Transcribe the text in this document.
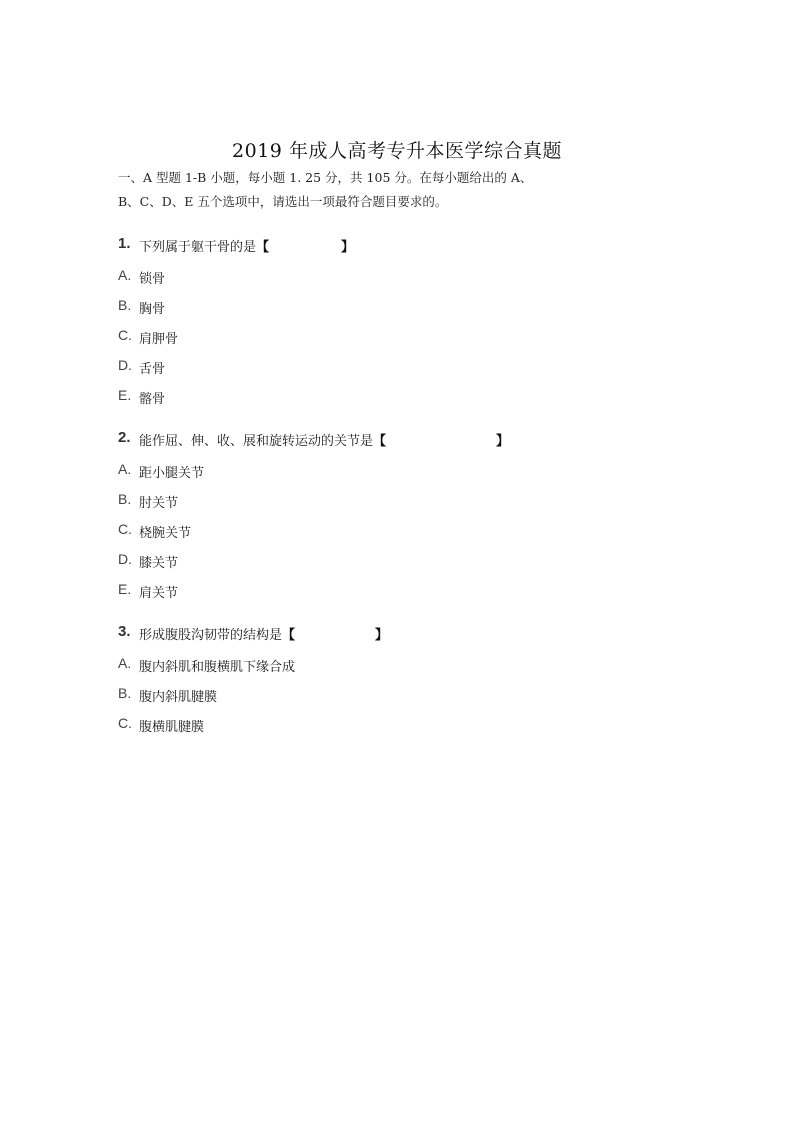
2019 年成人高考专升本医学综合真题
一、A 型题 1-B 小题，每小题 1. 25 分，共 105 分。在每小题给出的 A、
B、C、D、E 五个选项中，请选出一项最符合题目要求的。
1. 下列属于躯干骨的是 【	】
A. 锁骨
B. 胸骨
C. 肩胛骨
D. 舌骨
E. 髂骨
2. 能作屈、伸、收、展和旋转运动的关节是 【	】
A. 距小腿关节
B. 肘关节
C. 桡腕关节
D. 膝关节
E. 肩关节
3. 形成腹股沟韧带的结构是 【	】
A. 腹内斜肌和腹横肌下缘合成
B. 腹内斜肌腱膜
C. 腹横肌腱膜
